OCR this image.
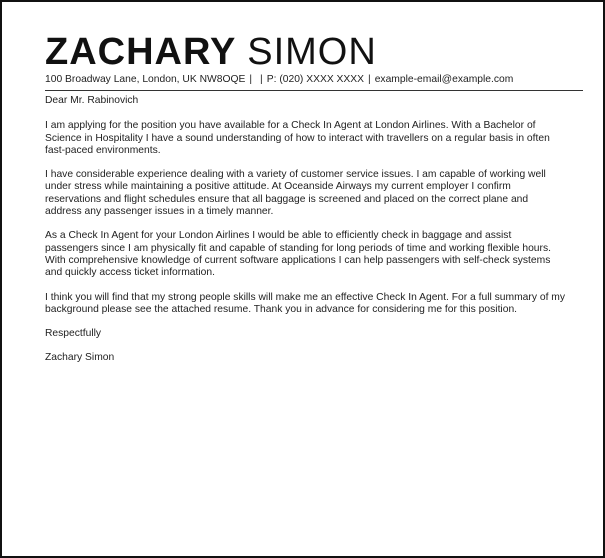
ZACHARY SIMON
100 Broadway Lane, London, UK NW8OQE | | P: (020) XXXX XXXX | example-email@example.com

Dear Mr. Rabinovich

I am applying for the position you have available for a Check In Agent at London Airlines. With a Bachelor of Science in Hospitality I have a sound understanding of how to interact with travellers on a regular basis in often fast-paced environments.

I have considerable experience dealing with a variety of customer service issues. I am capable of working well under stress while maintaining a positive attitude. At Oceanside Airways my current employer I confirm reservations and flight schedules ensure that all baggage is screened and placed on the correct plane and address any passenger issues in a timely manner.

As a Check In Agent for your London Airlines I would be able to efficiently check in baggage and assist passengers since I am physically fit and capable of standing for long periods of time and working flexible hours. With comprehensive knowledge of current software applications I can help passengers with self-check systems and quickly access ticket information.

I think you will find that my strong people skills will make me an effective Check In Agent. For a full summary of my background please see the attached resume. Thank you in advance for considering me for this position.

Respectfully

Zachary Simon
